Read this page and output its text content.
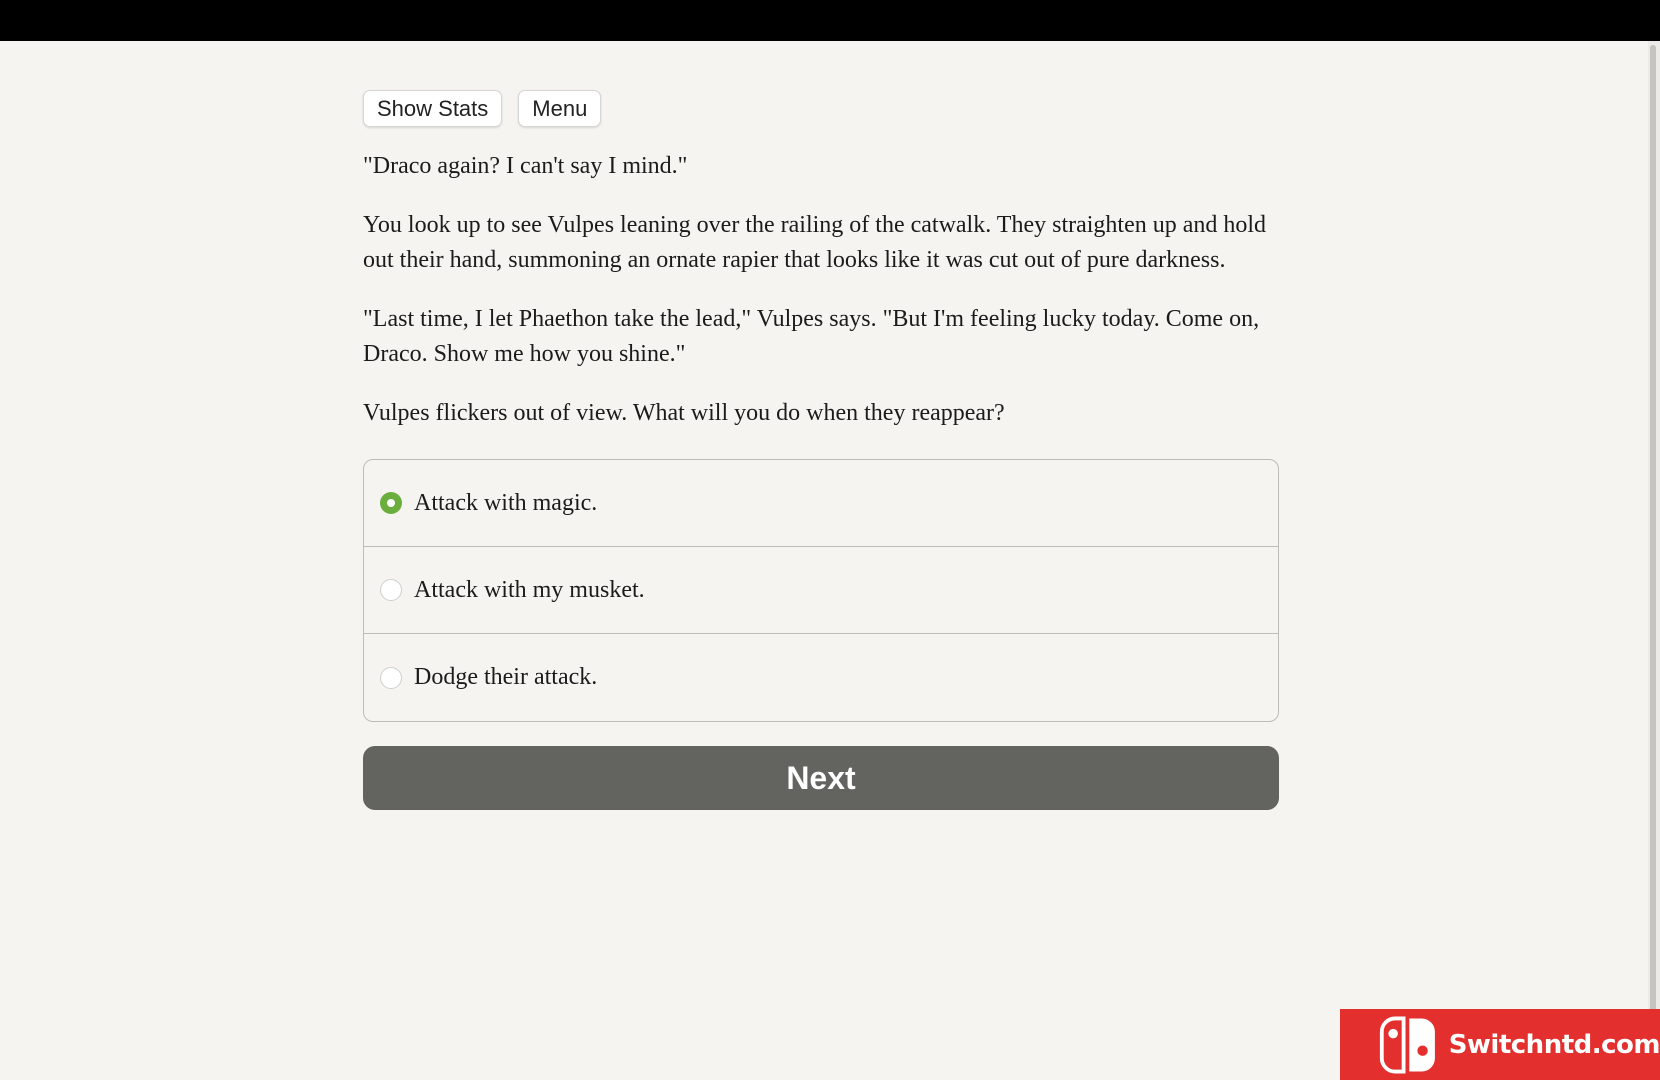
Show Stats	Menu

"Draco again? I can't say I mind."

You look up to see Vulpes leaning over the railing of the catwalk. They straighten up and hold out their hand, summoning an ornate rapier that looks like it was cut out of pure darkness.

"Last time, I let Phaethon take the lead," Vulpes says. "But I'm feeling lucky today. Come on, Draco. Show me how you shine."

Vulpes flickers out of view. What will you do when they reappear?

Attack with magic.
Attack with my musket.
Dodge their attack.
Next
Switchntd.com
